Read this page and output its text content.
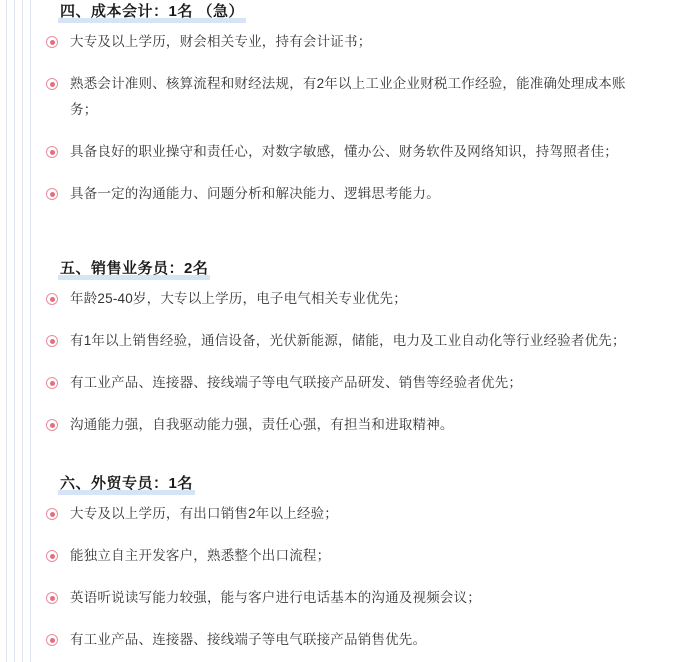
四、成本会计：1名 （急）
大专及以上学历，财会相关专业，持有会计证书；
熟悉会计准则、核算流程和财经法规，有2年以上工业企业财税工作经验，能准确处理成本账务；
具备良好的职业操守和责任心，对数字敏感，懂办公、财务软件及网络知识，持驾照者佳；
具备一定的沟通能力、问题分析和解决能力、逻辑思考能力。
五、销售业务员：2名
年龄25-40岁，大专以上学历，电子电气相关专业优先；
有1年以上销售经验，通信设备，光伏新能源，储能，电力及工业自动化等行业经验者优先；
有工业产品、连接器、接线端子等电气联接产品研发、销售等经验者优先；
沟通能力强，自我驱动能力强，责任心强，有担当和进取精神。
六、外贸专员：1名
大专及以上学历，有出口销售2年以上经验；
能独立自主开发客户，熟悉整个出口流程；
英语听说读写能力较强，能与客户进行电话基本的沟通及视频会议；
有工业产品、连接器、接线端子等电气联接产品销售优先。
